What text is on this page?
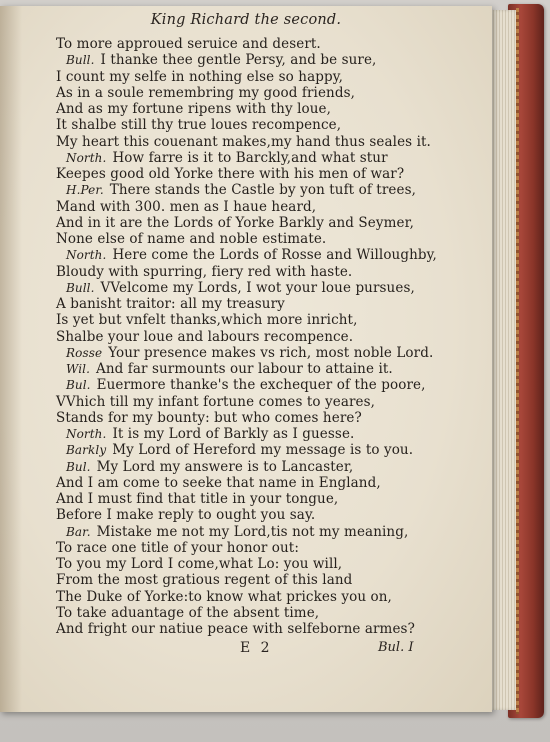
King Richard the second.
To more approued seruice and desert.
Bull. I thanke thee gentle Persy, and be sure,
I count my selfe in nothing else so happy,
As in a soule remembring my good friends,
And as my fortune ripens with thy loue,
It shalbe still thy true loues recompence,
My heart this couenant makes,my hand thus seales it.
North. How farre is it to Barckly,and what stur
Keepes good old Yorke there with his men of war?
H.Per. There stands the Castle by yon tuft of trees,
Mand with 300. men as I haue heard,
And in it are the Lords of Yorke Barkly and Seymer,
None else of name and noble estimate.
North. Here come the Lords of Rosse and Willoughby,
Bloudy with spurring, fiery red with haste.
Bull. VVelcome my Lords, I wot your loue pursues,
A banisht traitor: all my treasury
Is yet but vnfelt thanks,which more inricht,
Shalbe your loue and labours recompence.
Rosse Your presence makes vs rich, most noble Lord.
Wil. And far surmounts our labour to attaine it.
Bul. Euermore thanke's the exchequer of the poore,
VVhich till my infant fortune comes to yeares,
Stands for my bounty: but who comes here?
North. It is my Lord of Barkly as I guesse.
Barkly My Lord of Hereford my message is to you.
Bul. My Lord my answere is to Lancaster,
And I am come to seeke that name in England,
And I must find that title in your tongue,
Before I make reply to ought you say.
Bar. Mistake me not my Lord,tis not my meaning,
To race one title of your honor out:
To you my Lord I come,what Lo: you will,
From the most gratious regent of this land
The Duke of Yorke:to know what prickes you on,
To take aduantage of the absent time,
And fright our natiue peace with selfeborne armes?
E 2	Bul. I
